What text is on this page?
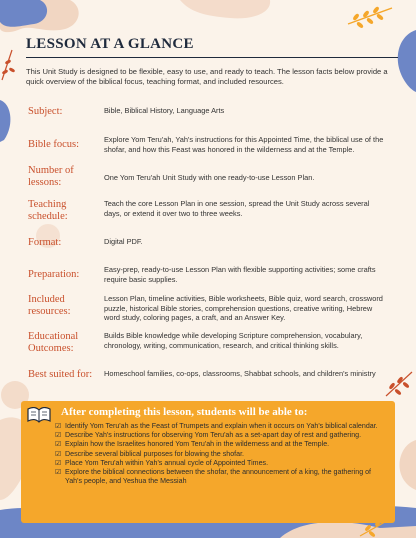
LESSON AT A GLANCE

This Unit Study is designed to be flexible, easy to use, and ready to teach. The lesson facts below provide a quick overview of the biblical focus, teaching format, and included resources.

Subject:	Bible, Biblical History, Language Arts
Bible focus:	Explore Yom Teru'ah, Yah's instructions for this Appointed Time, the biblical use of the shofar, and how this Feast was honored in the wilderness and at the Temple.
Number of lessons:	One Yom Teru'ah Unit Study with one ready-to-use Lesson Plan.
Teaching schedule:
Teach the core Lesson Plan in one session, spread the Unit Study across several days, or extend it over two to three weeks.
Format:	Digital PDF.
Preparation:	Easy-prep, ready-to-use Lesson Plan with flexible supporting activities; some crafts require basic supplies.
Included resources:
Lesson Plan, timeline activities, Bible worksheets, Bible quiz, word search, crossword puzzle, historical Bible stories, comprehension questions, creative writing, Hebrew word study, coloring pages, a craft, and an Answer Key.
Educational Outcomes:
Builds Bible knowledge while developing Scripture comprehension, vocabulary, chronology, writing, communication, research, and critical thinking skills.
Best suited for:	Homeschool families, co-ops, classrooms, Shabbat schools, and children's ministry
After completing this lesson, students will be able to:
☑ Identify Yom Teru'ah as the Feast of Trumpets and explain when it occurs on Yah's biblical calendar.
☑ Describe Yah's instructions for observing Yom Teru'ah as a set-apart day of rest and gathering.
☑ Explain how the Israelites honored Yom Teru'ah in the wilderness and at the Temple.
☑ Describe several biblical purposes for blowing the shofar.
☑ Place Yom Teru'ah within Yah's annual cycle of Appointed Times.
☑ Explore the biblical connections between the shofar, the announcement of a king, the gathering of Yah's people, and Yeshua the Messiah
